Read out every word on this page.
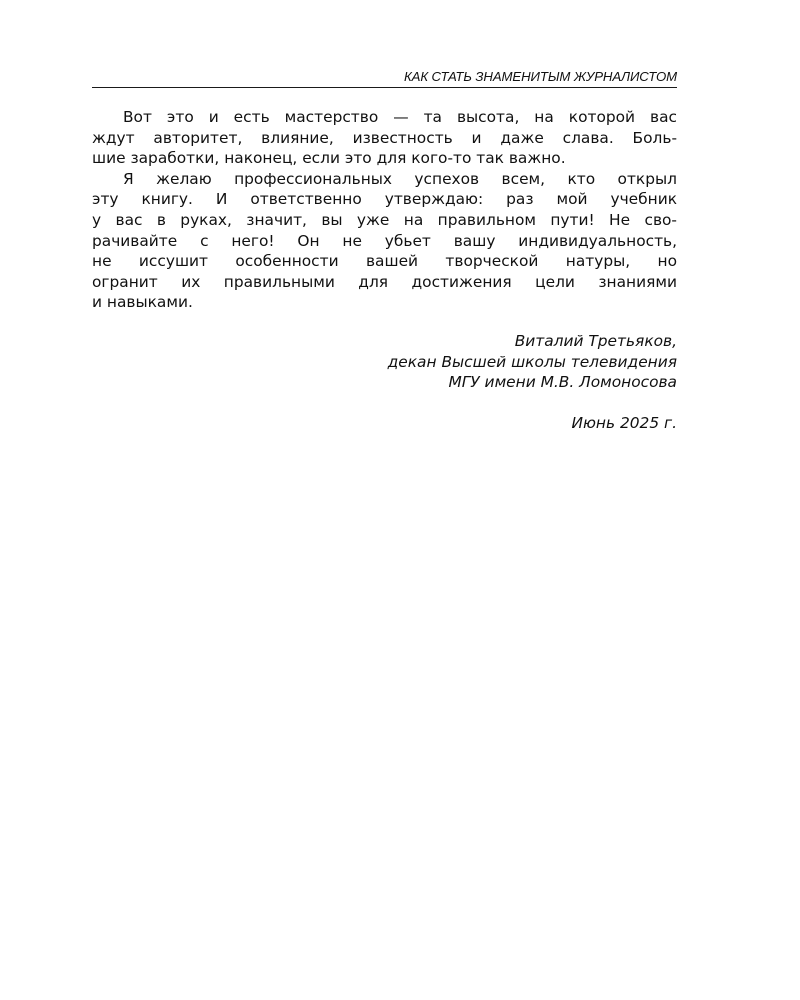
КАК СТАТЬ ЗНАМЕНИТЫМ ЖУРНАЛИСТОМ
Вот это и есть мастерство — та высота, на которой вас
ждут авторитет, влияние, известность и даже слава. Боль-
шие заработки, наконец, если это для кого-то так важно.
Я желаю профессиональных успехов всем, кто открыл
эту книгу. И ответственно утверждаю: раз мой учебник
у вас в руках, значит, вы уже на правильном пути! Не сво-
рачивайте с него! Он не убьет вашу индивидуальность,
не иссушит особенности вашей творческой натуры, но
огранит их правильными для достижения цели знаниями
и навыками.
Виталий Третьяков,
декан Высшей школы телевидения
МГУ имени М.В. Ломоносова
Июнь 2025 г.
